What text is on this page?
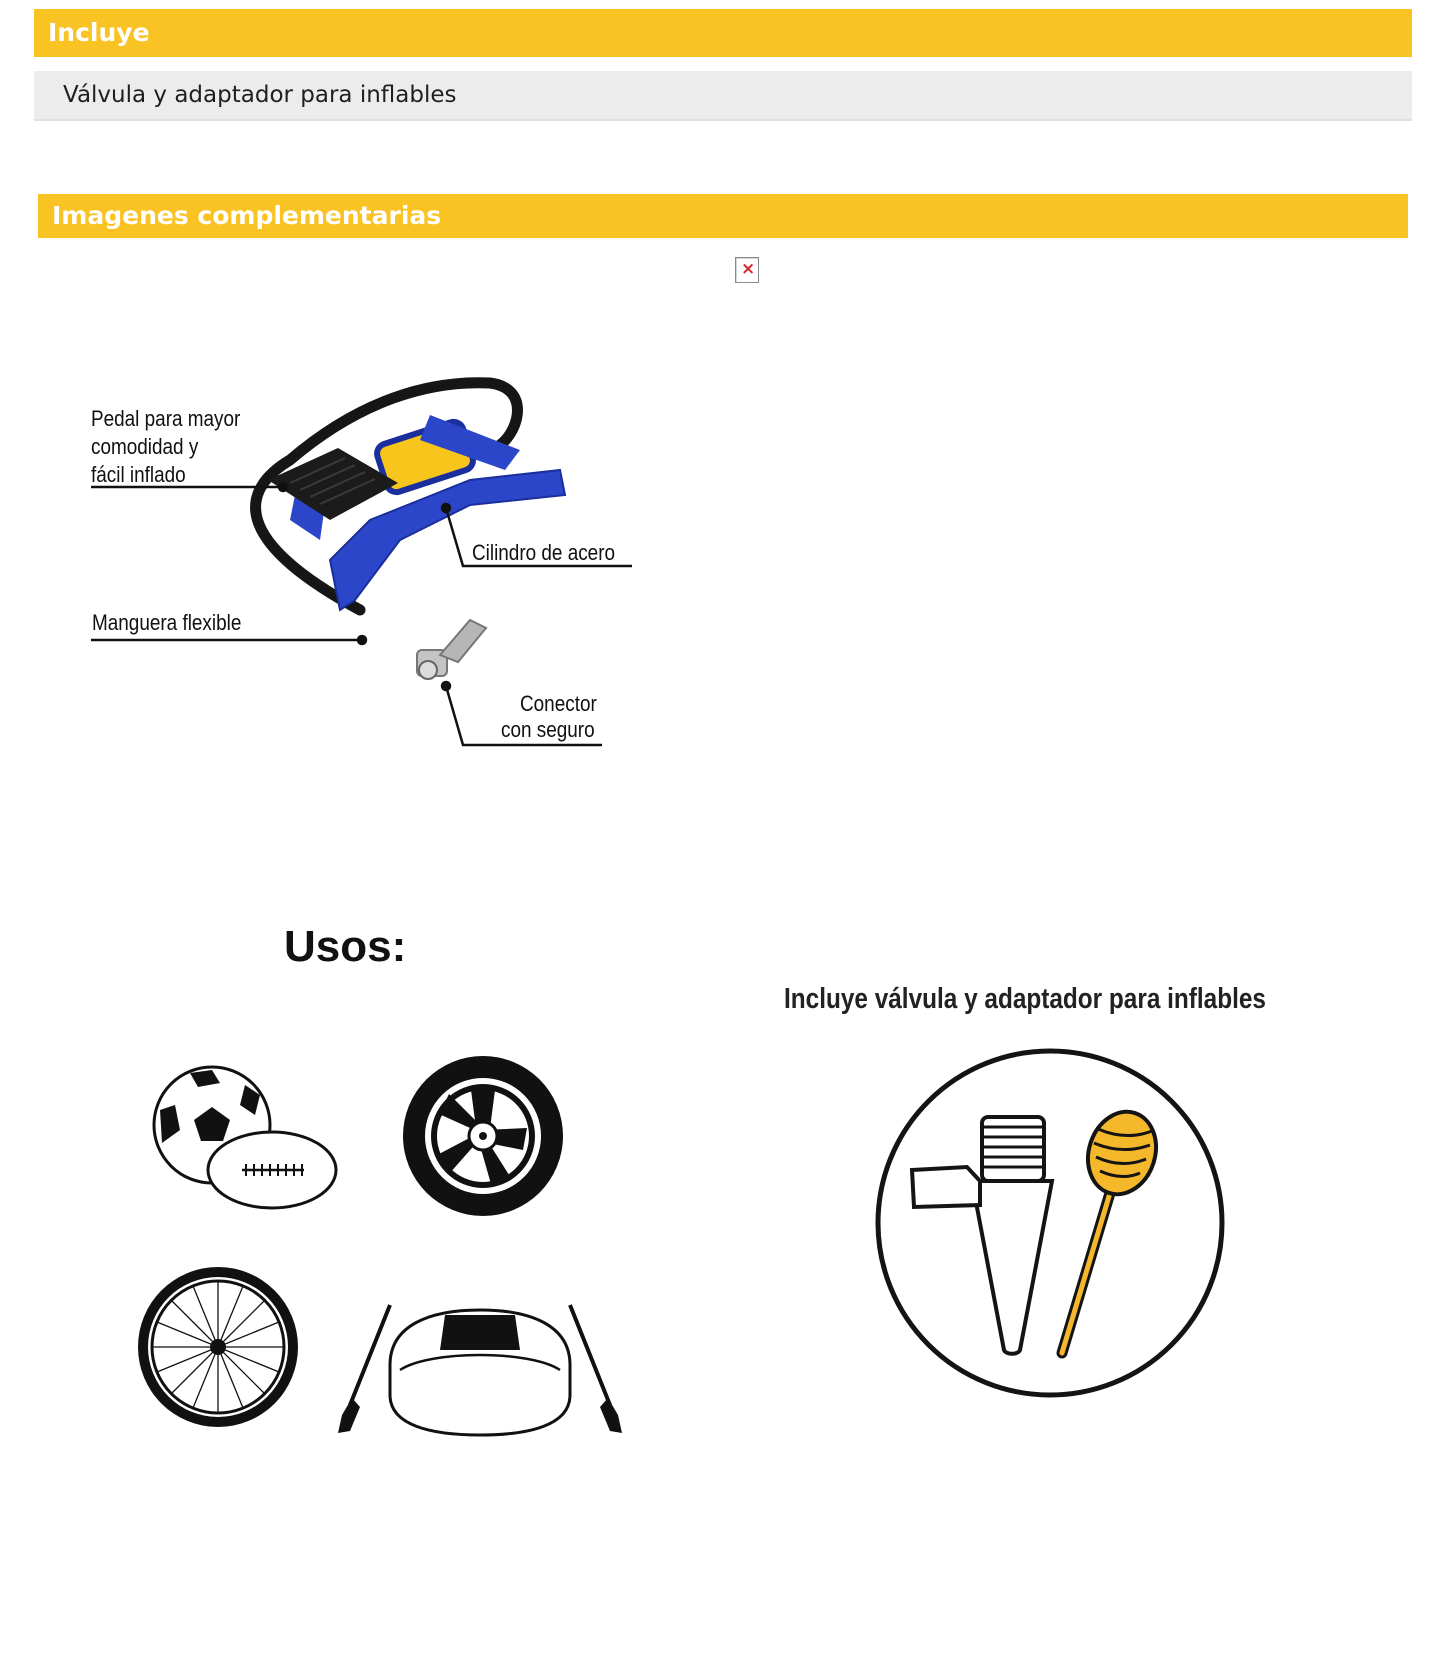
Incluye
Válvula y adaptador para inflables
Imagenes complementarias
×
Pedal para mayor
comodidad y
fácil inflado
Cilindro de acero
Manguera flexible
Conector
con seguro
Usos:
Incluye válvula y adaptador para inflables
